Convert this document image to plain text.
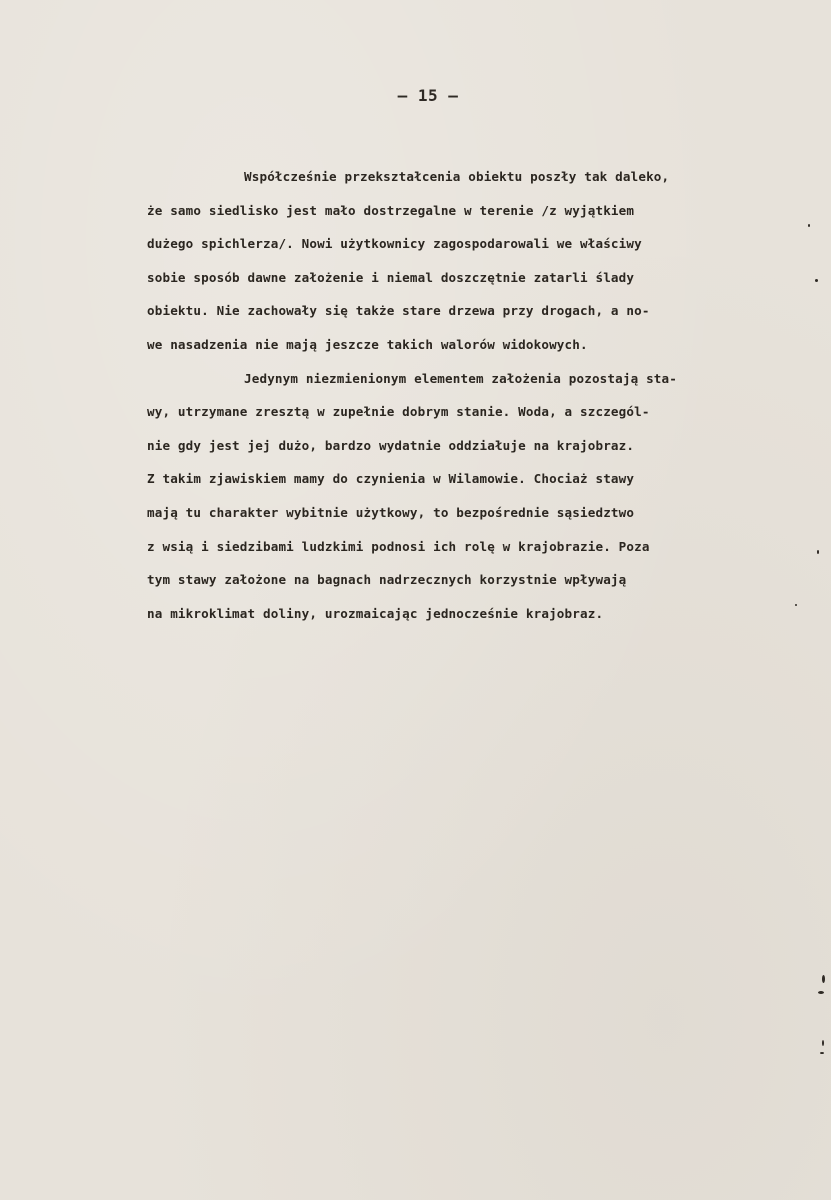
– 15 –
Współcześnie przekształcenia obiektu poszły tak daleko,
że samo siedlisko jest mało dostrzegalne w terenie /z wyjątkiem
dużego spichlerza/. Nowi użytkownicy zagospodarowali we właściwy
sobie sposób dawne założenie i niemal doszczętnie zatarli ślady
obiektu. Nie zachowały się także stare drzewa przy drogach, a no-
we nasadzenia nie mają jeszcze takich walorów widokowych.
Jedynym niezmienionym elementem założenia pozostają sta-
wy, utrzymane zresztą w zupełnie dobrym stanie. Woda, a szczegól-
nie gdy jest jej dużo, bardzo wydatnie oddziałuje na krajobraz.
Z takim zjawiskiem mamy do czynienia w Wilamowie. Chociaż stawy
mają tu charakter wybitnie użytkowy, to bezpośrednie sąsiedztwo
z wsią i siedzibami ludzkimi podnosi ich rolę w krajobrazie. Poza
tym stawy założone na bagnach nadrzecznych korzystnie wpływają
na mikroklimat doliny, urozmaicając jednocześnie krajobraz.
